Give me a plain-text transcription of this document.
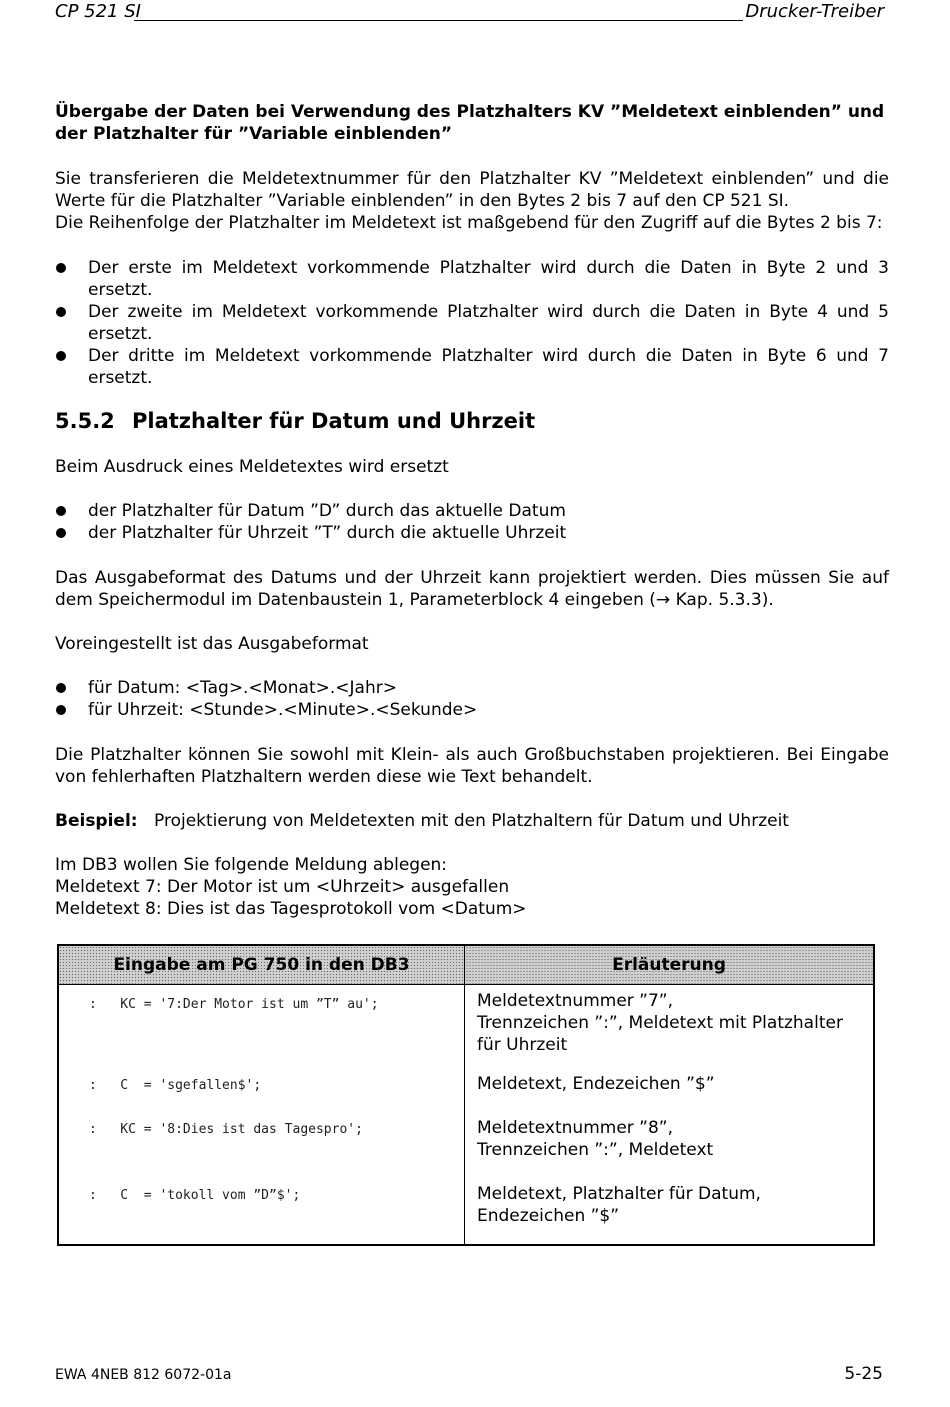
CP 521 SI	Drucker-Treiber
Übergabe der Daten bei Verwendung des Platzhalters KV ”Meldetext einblenden” und der Platzhalter für ”Variable einblenden”
Sie transferieren die Meldetextnummer für den Platzhalter KV ”Meldetext einblenden” und die Werte für die Platzhalter ”Variable einblenden” in den Bytes 2 bis 7 auf den CP 521 SI.
Die Reihenfolge der Platzhalter im Meldetext ist maßgebend für den Zugriff auf die Bytes 2 bis 7:
Der erste im Meldetext vorkommende Platzhalter wird durch die Daten in Byte 2 und 3 ersetzt.
Der zweite im Meldetext vorkommende Platzhalter wird durch die Daten in Byte 4 und 5 ersetzt.
Der dritte im Meldetext vorkommende Platzhalter wird durch die Daten in Byte 6 und 7 ersetzt.
5.5.2 Platzhalter für Datum und Uhrzeit
Beim Ausdruck eines Meldetextes wird ersetzt
der Platzhalter für Datum ”D” durch das aktuelle Datum
der Platzhalter für Uhrzeit ”T” durch die aktuelle Uhrzeit
Das Ausgabeformat des Datums und der Uhrzeit kann projektiert werden. Dies müssen Sie auf dem Speichermodul im Datenbaustein 1, Parameterblock 4 eingeben (→ Kap. 5.3.3).
Voreingestellt ist das Ausgabeformat
für Datum: <Tag>.<Monat>.<Jahr>
für Uhrzeit: <Stunde>.<Minute>.<Sekunde>
Die Platzhalter können Sie sowohl mit Klein- als auch Großbuchstaben projektieren. Bei Eingabe von fehlerhaften Platzhaltern werden diese wie Text behandelt.
Beispiel: Projektierung von Meldetexten mit den Platzhaltern für Datum und Uhrzeit
Im DB3 wollen Sie folgende Meldung ablegen:
Meldetext 7: Der Motor ist um <Uhrzeit> ausgefallen
Meldetext 8: Dies ist das Tagesprotokoll vom <Datum>
Eingabe am PG 750 in den DB3	Erläuterung

:   KC = '7:Der Motor ist um ”T” au';	Meldetextnummer ”7”,
Trennzeichen ”:”, Meldetext mit Platzhalter
für Uhrzeit

:   C  = 'sgefallen$';	Meldetext, Endezeichen ”$”

:   KC = '8:Dies ist das Tagespro';	Meldetextnummer ”8”,
Trennzeichen ”:”, Meldetext

:   C  = 'tokoll vom ”D”$';	Meldetext, Platzhalter für Datum,
Endezeichen ”$”
EWA 4NEB 812 6072-01a	5-25
